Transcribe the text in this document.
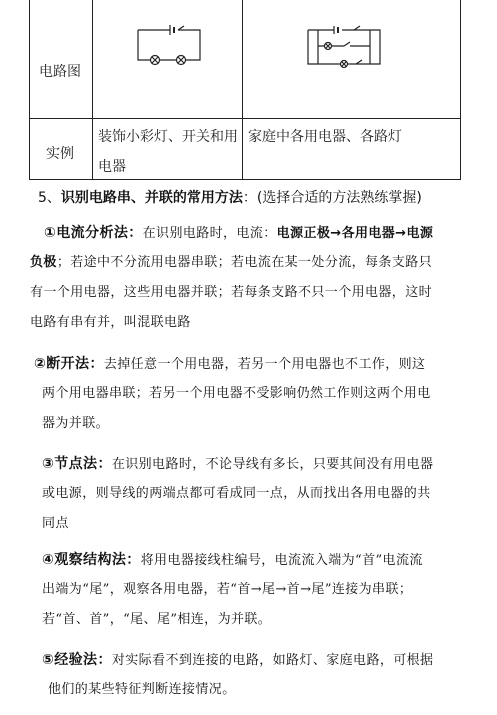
电路图
实例
装饰小彩灯、开关和用
电器
家庭中各用电器、各路灯
5、识别电路串、并联的常用方法：(选择合适的方法熟练掌握)
①电流分析法：在识别电路时，电流：电源正极→各用电器→电源
负极；若途中不分流用电器串联；若电流在某一处分流，每条支路只
有一个用电器，这些用电器并联；若每条支路不只一个用电器，这时
电路有串有并，叫混联电路
②断开法：去掉任意一个用电器，若另一个用电器也不工作，则这
两个用电器串联；若另一个用电器不受影响仍然工作则这两个用电
器为并联。
③节点法：在识别电路时，不论导线有多长，只要其间没有用电器
或电源，则导线的两端点都可看成同一点，从而找出各用电器的共
同点
④观察结构法：将用电器接线柱编号，电流流入端为“首”电流流
出端为“尾”，观察各用电器，若“首→尾→首→尾”连接为串联；
若“首、首”，“尾、尾”相连，为并联。
⑤经验法：对实际看不到连接的电路，如路灯、家庭电路，可根据
他们的某些特征判断连接情况。
